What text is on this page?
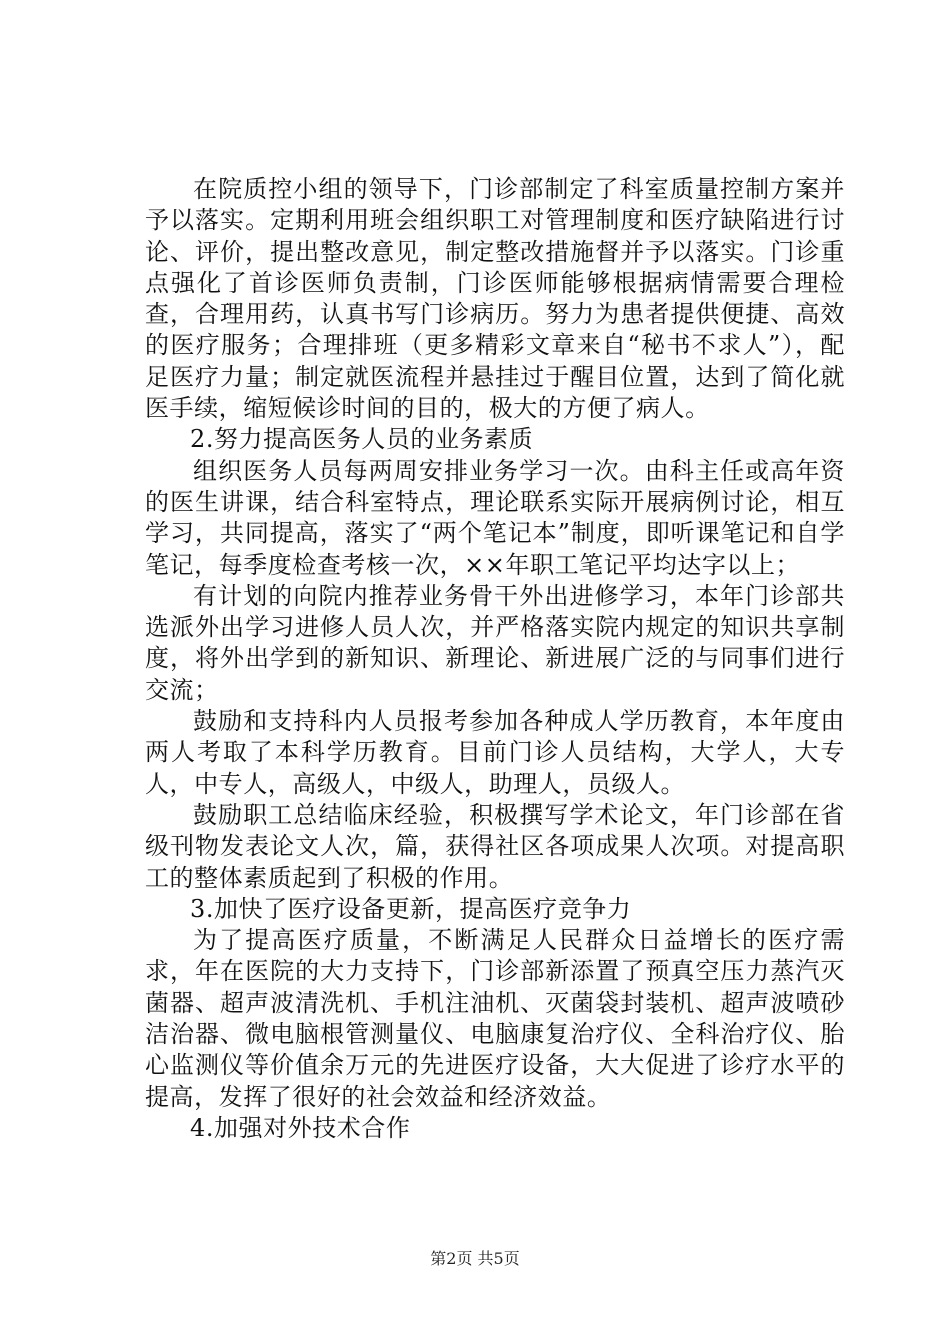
在院质控小组的领导下，门诊部制定了科室质量控制方案并予以落实。定期利用班会组织职工对管理制度和医疗缺陷进行讨论、评价，提出整改意见，制定整改措施督并予以落实。门诊重点强化了首诊医师负责制，门诊医师能够根据病情需要合理检查，合理用药，认真书写门诊病历。努力为患者提供便捷、高效的医疗服务；合理排班（更多精彩文章来自“秘书不求人”），配足医疗力量；制定就医流程并悬挂过于醒目位置，达到了简化就医手续，缩短候诊时间的目的，极大的方便了病人。

2.努力提高医务人员的业务素质

组织医务人员每两周安排业务学习一次。由科主任或高年资的医生讲课，结合科室特点，理论联系实际开展病例讨论，相互学习，共同提高，落实了“两个笔记本”制度，即听课笔记和自学笔记，每季度检查考核一次，××年职工笔记平均达字以上；

有计划的向院内推荐业务骨干外出进修学习，本年门诊部共选派外出学习进修人员人次，并严格落实院内规定的知识共享制度，将外出学到的新知识、新理论、新进展广泛的与同事们进行交流；

鼓励和支持科内人员报考参加各种成人学历教育，本年度由两人考取了本科学历教育。目前门诊人员结构，大学人，大专人，中专人，高级人，中级人，助理人，员级人。

鼓励职工总结临床经验，积极撰写学术论文，年门诊部在省级刊物发表论文人次，篇，获得社区各项成果人次项。对提高职工的整体素质起到了积极的作用。

3.加快了医疗设备更新，提高医疗竞争力

为了提高医疗质量，不断满足人民群众日益增长的医疗需求，年在医院的大力支持下，门诊部新添置了预真空压力蒸汽灭菌器、超声波清洗机、手机注油机、灭菌袋封装机、超声波喷砂洁治器、微电脑根管测量仪、电脑康复治疗仪、全科治疗仪、胎心监测仪等价值余万元的先进医疗设备，大大促进了诊疗水平的提高，发挥了很好的社会效益和经济效益。

4.加强对外技术合作

第2页 共5页
